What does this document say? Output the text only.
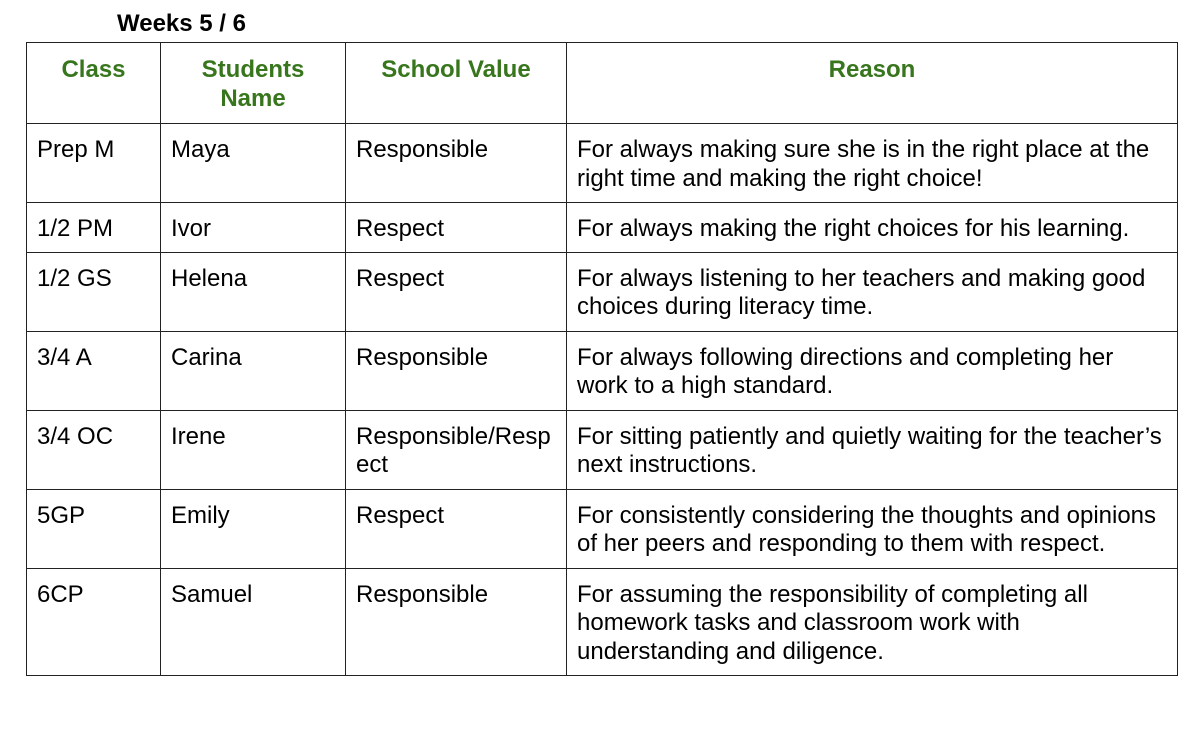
Weeks 5 / 6
Class	Students Name	School Value	Reason
Prep M	Maya	Responsible	For always making sure she is in the right place at the right time and making the right choice!
1/2 PM	Ivor	Respect	For always making the right choices for his learning.
1/2 GS	Helena	Respect	For always listening to her teachers and making good choices during literacy time.
3/4 A	Carina	Responsible	For always following directions and completing her work to a high standard.
3/4 OC	Irene	Responsible/Respect	For sitting patiently and quietly waiting for the teacher’s next instructions.
5GP	Emily	Respect	For consistently considering the thoughts and opinions of her peers and responding to them with respect.
6CP	Samuel	Responsible	For assuming the responsibility of completing all homework tasks and classroom work with understanding and diligence.
